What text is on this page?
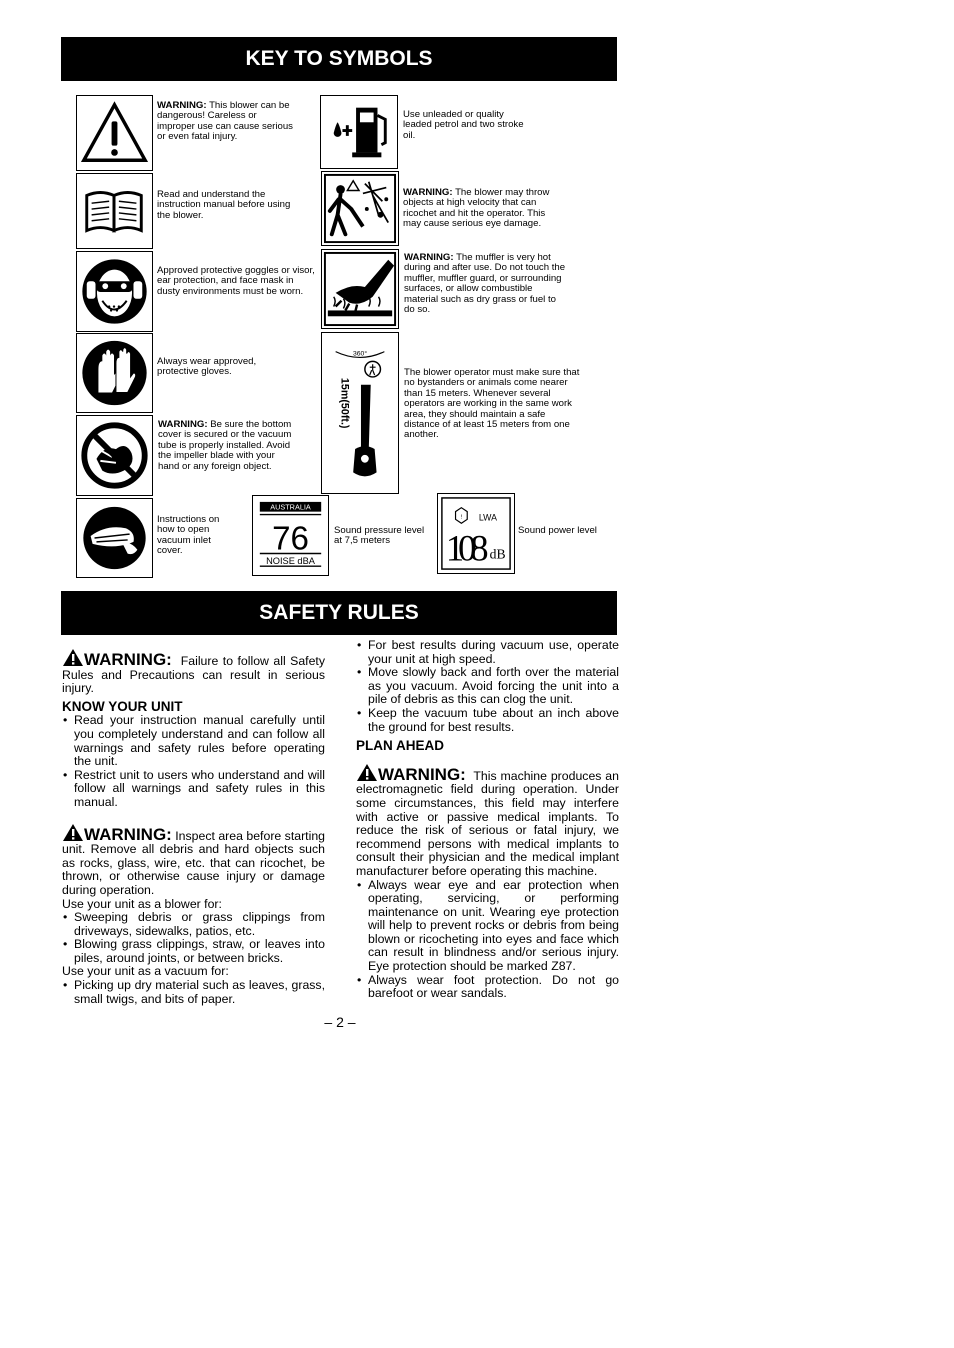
KEY TO SYMBOLS
WARNING: This blower can be dangerous! Careless or improper use can cause serious or even fatal injury.
Use unleaded or quality leaded petrol and two stroke oil.
Read and understand the instruction manual before using the blower.
WARNING: The blower may throw objects at high velocity that can ricochet and hit the operator. This may cause serious eye damage.
Approved protective goggles or visor, ear protection, and face mask in dusty environments must be worn.
WARNING: The muffler is very hot during and after use. Do not touch the muffler, muffler guard, or surrounding surfaces, or allow combustible material such as dry grass or fuel to do so.
Always wear approved, protective gloves.
360°
15m(50ft.)
The blower operator must make sure that no bystanders or animals come nearer than 15 meters. Whenever several operators are working in the same work area, they should maintain a safe distance of at least 15 meters from one another.
WARNING: Be sure the bottom cover is secured or the vacuum tube is properly installed. Avoid the impeller blade with your hand or any foreign object.
Instructions on how to open vacuum inlet cover.
AUSTRALIA
76
NOISE dBA
Sound pressure level at 7,5 meters
! LWA
108 dB
Sound power level
SAFETY RULES

WARNING: Failure to follow all Safety Rules and Precautions can result in serious injury.

KNOW YOUR UNIT
• Read your instruction manual carefully until you completely understand and can follow all warnings and safety rules before operating the unit.
• Restrict unit to users who understand and will follow all warnings and safety rules in this manual.

WARNING: Inspect area before starting unit. Remove all debris and hard objects such as rocks, glass, wire, etc. that can ricochet, be thrown, or otherwise cause injury or damage during operation.

Use your unit as a blower for:

• Sweeping debris or grass clippings from driveways, sidewalks, patios, etc.
• Blowing grass clippings, straw, or leaves into piles, around joints, or between bricks.

Use your unit as a vacuum for:

• Picking up dry material such as leaves, grass, small twigs, and bits of paper.
• For best results during vacuum use, operate your unit at high speed.
• Move slowly back and forth over the material as you vacuum. Avoid forcing the unit into a pile of debris as this can clog the unit.
• Keep the vacuum tube about an inch above the ground for best results.
PLAN AHEAD

WARNING: This machine produces an electromagnetic field during operation. Under some circumstances, this field may interfere with active or passive medical implants. To reduce the risk of serious or fatal injury, we recommend persons with medical implants to consult their physician and the medical implant manufacturer before operating this machine.

• Always wear eye and ear protection when operating, servicing, or performing maintenance on unit. Wearing eye protection will help to prevent rocks or debris from being blown or ricocheting into eyes and face which can result in blindness and/or serious injury. Eye protection should be marked Z87.
• Always wear foot protection. Do not go barefoot or wear sandals.
– 2 –
